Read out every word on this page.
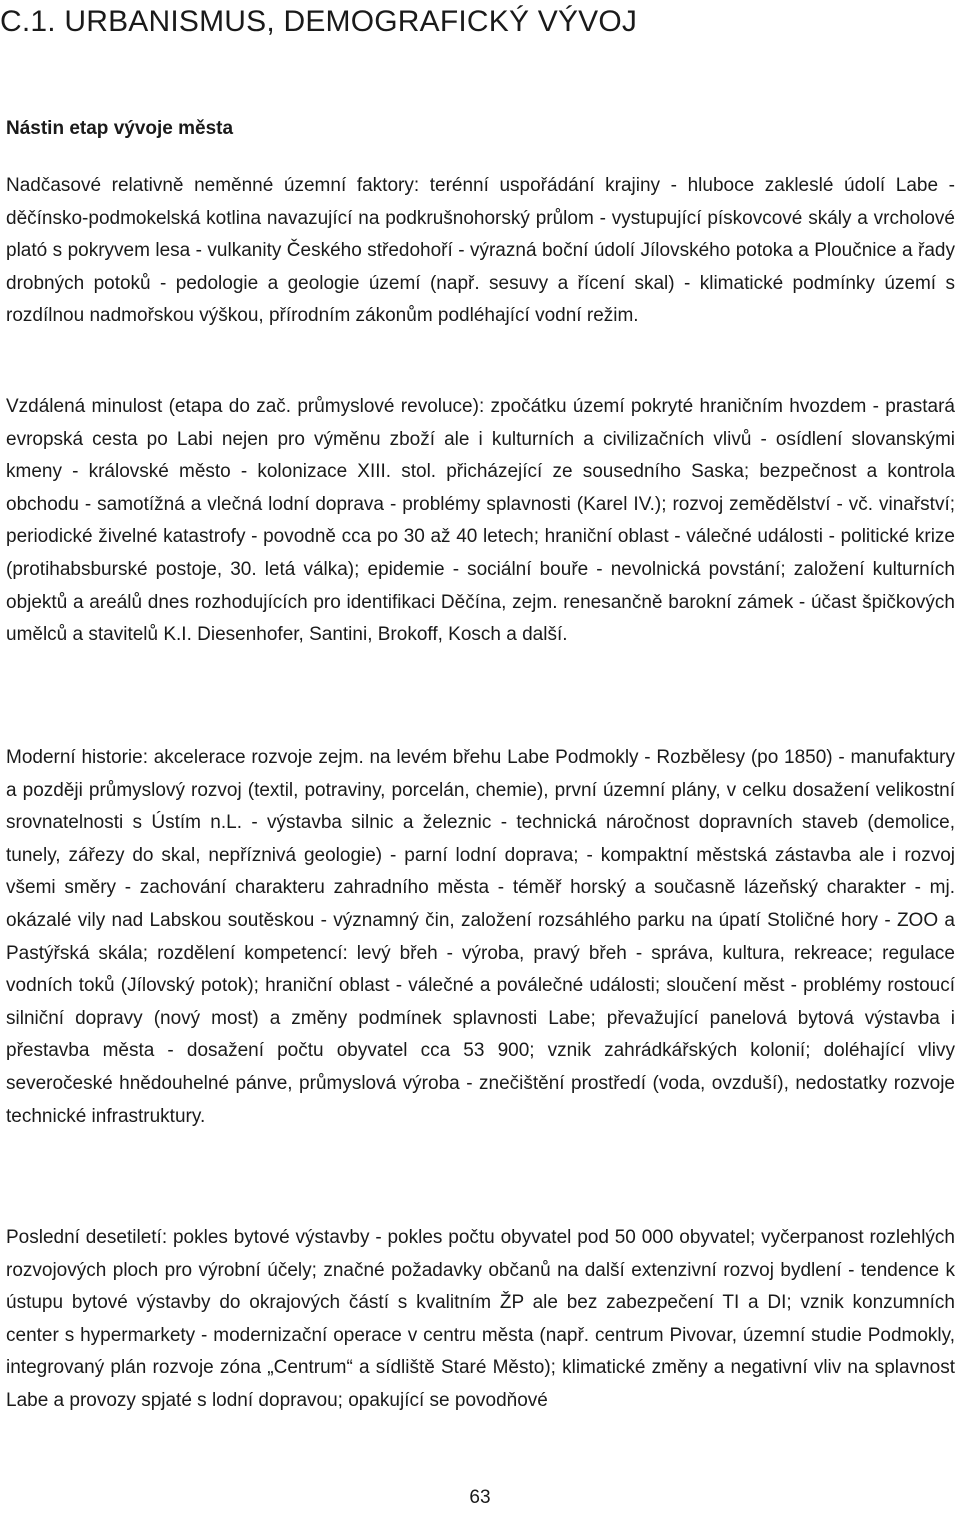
C.1. URBANISMUS, DEMOGRAFICKÝ VÝVOJ
Nástin etap vývoje města

Nadčasové relativně neměnné územní faktory: terénní uspořádání krajiny - hluboce zakleslé údolí Labe - děčínsko-podmokelská kotlina navazující na podkrušnohorský průlom - vystupující pískovcové skály a vrcholové plató s pokryvem lesa - vulkanity Českého středohoří - výrazná boční údolí Jílovského potoka a Ploučnice a řady drobných potoků - pedologie a geologie území (např. sesuvy a řícení skal) - klimatické podmínky území s rozdílnou nadmořskou výškou, přírodním zákonům podléhající vodní režim.

Vzdálená minulost (etapa do zač. průmyslové revoluce): zpočátku území pokryté hraničním hvozdem - prastará evropská cesta po Labi nejen pro výměnu zboží ale i kulturních a civilizačních vlivů - osídlení slovanskými kmeny - královské město - kolonizace XIII. stol. přicházející ze sousedního Saska; bezpečnost a kontrola obchodu - samotížná a vlečná lodní doprava - problémy splavnosti (Karel IV.); rozvoj zemědělství - vč. vinařství; periodické živelné katastrofy - povodně cca po 30 až 40 letech; hraniční oblast - válečné události - politické krize (protihabsburské postoje, 30. letá válka); epidemie - sociální bouře - nevolnická povstání; založení kulturních objektů a areálů dnes rozhodujících pro identifikaci Děčína, zejm. renesančně barokní zámek - účast špičkových umělců a stavitelů K.I. Diesenhofer, Santini, Brokoff, Kosch a další.

Moderní historie: akcelerace rozvoje zejm. na levém břehu Labe Podmokly - Rozbělesy (po 1850) - manufaktury a později průmyslový rozvoj (textil, potraviny, porcelán, chemie), první územní plány, v celku dosažení velikostní srovnatelnosti s Ústím n.L. - výstavba silnic a železnic - technická náročnost dopravních staveb (demolice, tunely, zářezy do skal, nepříznivá geologie) - parní lodní doprava; - kompaktní městská zástavba ale i rozvoj všemi směry - zachování charakteru zahradního města - téměř horský a současně lázeňský charakter - mj. okázalé vily nad Labskou soutěskou - významný čin, založení rozsáhlého parku na úpatí Stoličné hory - ZOO a Pastýřská skála; rozdělení kompetencí: levý břeh - výroba, pravý břeh - správa, kultura, rekreace; regulace vodních toků (Jílovský potok); hraniční oblast - válečné a poválečné události; sloučení měst - problémy rostoucí silniční dopravy (nový most) a změny podmínek splavnosti Labe; převažující panelová bytová výstavba i přestavba města - dosažení počtu obyvatel cca 53 900; vznik zahrádkářských kolonií; doléhající vlivy severočeské hnědouhelné pánve, průmyslová výroba - znečištění prostředí (voda, ovzduší), nedostatky rozvoje technické infrastruktury.

Poslední desetiletí: pokles bytové výstavby - pokles počtu obyvatel pod 50 000 obyvatel; vyčerpanost rozlehlých rozvojových ploch pro výrobní účely; značné požadavky občanů na další extenzivní rozvoj bydlení - tendence k ústupu bytové výstavby do okrajových částí s kvalitním ŽP ale bez zabezpečení TI a DI; vznik konzumních center s hypermarkety - modernizační operace v centru města (např. centrum Pivovar, územní studie Podmokly, integrovaný plán rozvoje zóna „Centrum“ a sídliště Staré Město); klimatické změny a negativní vliv na splavnost Labe a provozy spjaté s lodní dopravou; opakující se povodňové

63
